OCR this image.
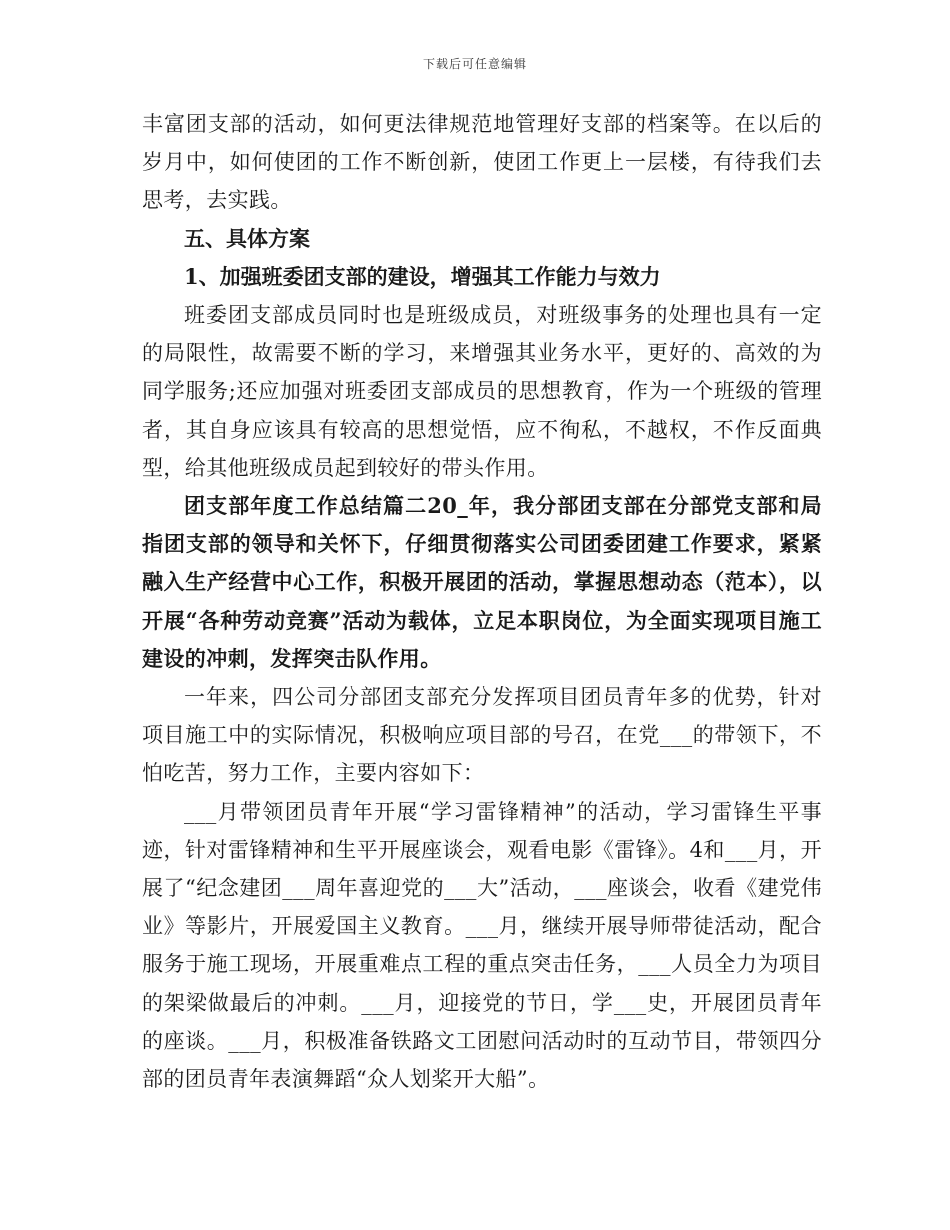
下载后可任意编辑

丰富团支部的活动，如何更法律规范地管理好支部的档案等。在以后的岁月中，如何使团的工作不断创新，使团工作更上一层楼，有待我们去思考，去实践。

五、具体方案

1、加强班委团支部的建设，增强其工作能力与效力

班委团支部成员同时也是班级成员，对班级事务的处理也具有一定的局限性，故需要不断的学习，来增强其业务水平，更好的、高效的为同学服务;还应加强对班委团支部成员的思想教育，作为一个班级的管理者，其自身应该具有较高的思想觉悟，应不徇私，不越权，不作反面典型，给其他班级成员起到较好的带头作用。

团支部年度工作总结篇二20_年，我分部团支部在分部党支部和局指团支部的领导和关怀下，仔细贯彻落实公司团委团建工作要求，紧紧融入生产经营中心工作，积极开展团的活动，掌握思想动态（范本），以开展“各种劳动竞赛”活动为载体，立足本职岗位，为全面实现项目施工建设的冲刺，发挥突击队作用。

一年来，四公司分部团支部充分发挥项目团员青年多的优势，针对项目施工中的实际情况，积极响应项目部的号召，在党___的带领下，不怕吃苦，努力工作，主要内容如下：

___月带领团员青年开展“学习雷锋精神”的活动，学习雷锋生平事迹，针对雷锋精神和生平开展座谈会，观看电影《雷锋》。4和___月，开展了“纪念建团___周年喜迎党的___大”活动，___座谈会，收看《建党伟业》等影片，开展爱国主义教育。___月，继续开展导师带徒活动，配合服务于施工现场，开展重难点工程的重点突击任务，___人员全力为项目的架梁做最后的冲刺。___月，迎接党的节日，学___史，开展团员青年的座谈。___月，积极准备铁路文工团慰问活动时的互动节目，带领四分部的团员青年表演舞蹈“众人划桨开大船”。
